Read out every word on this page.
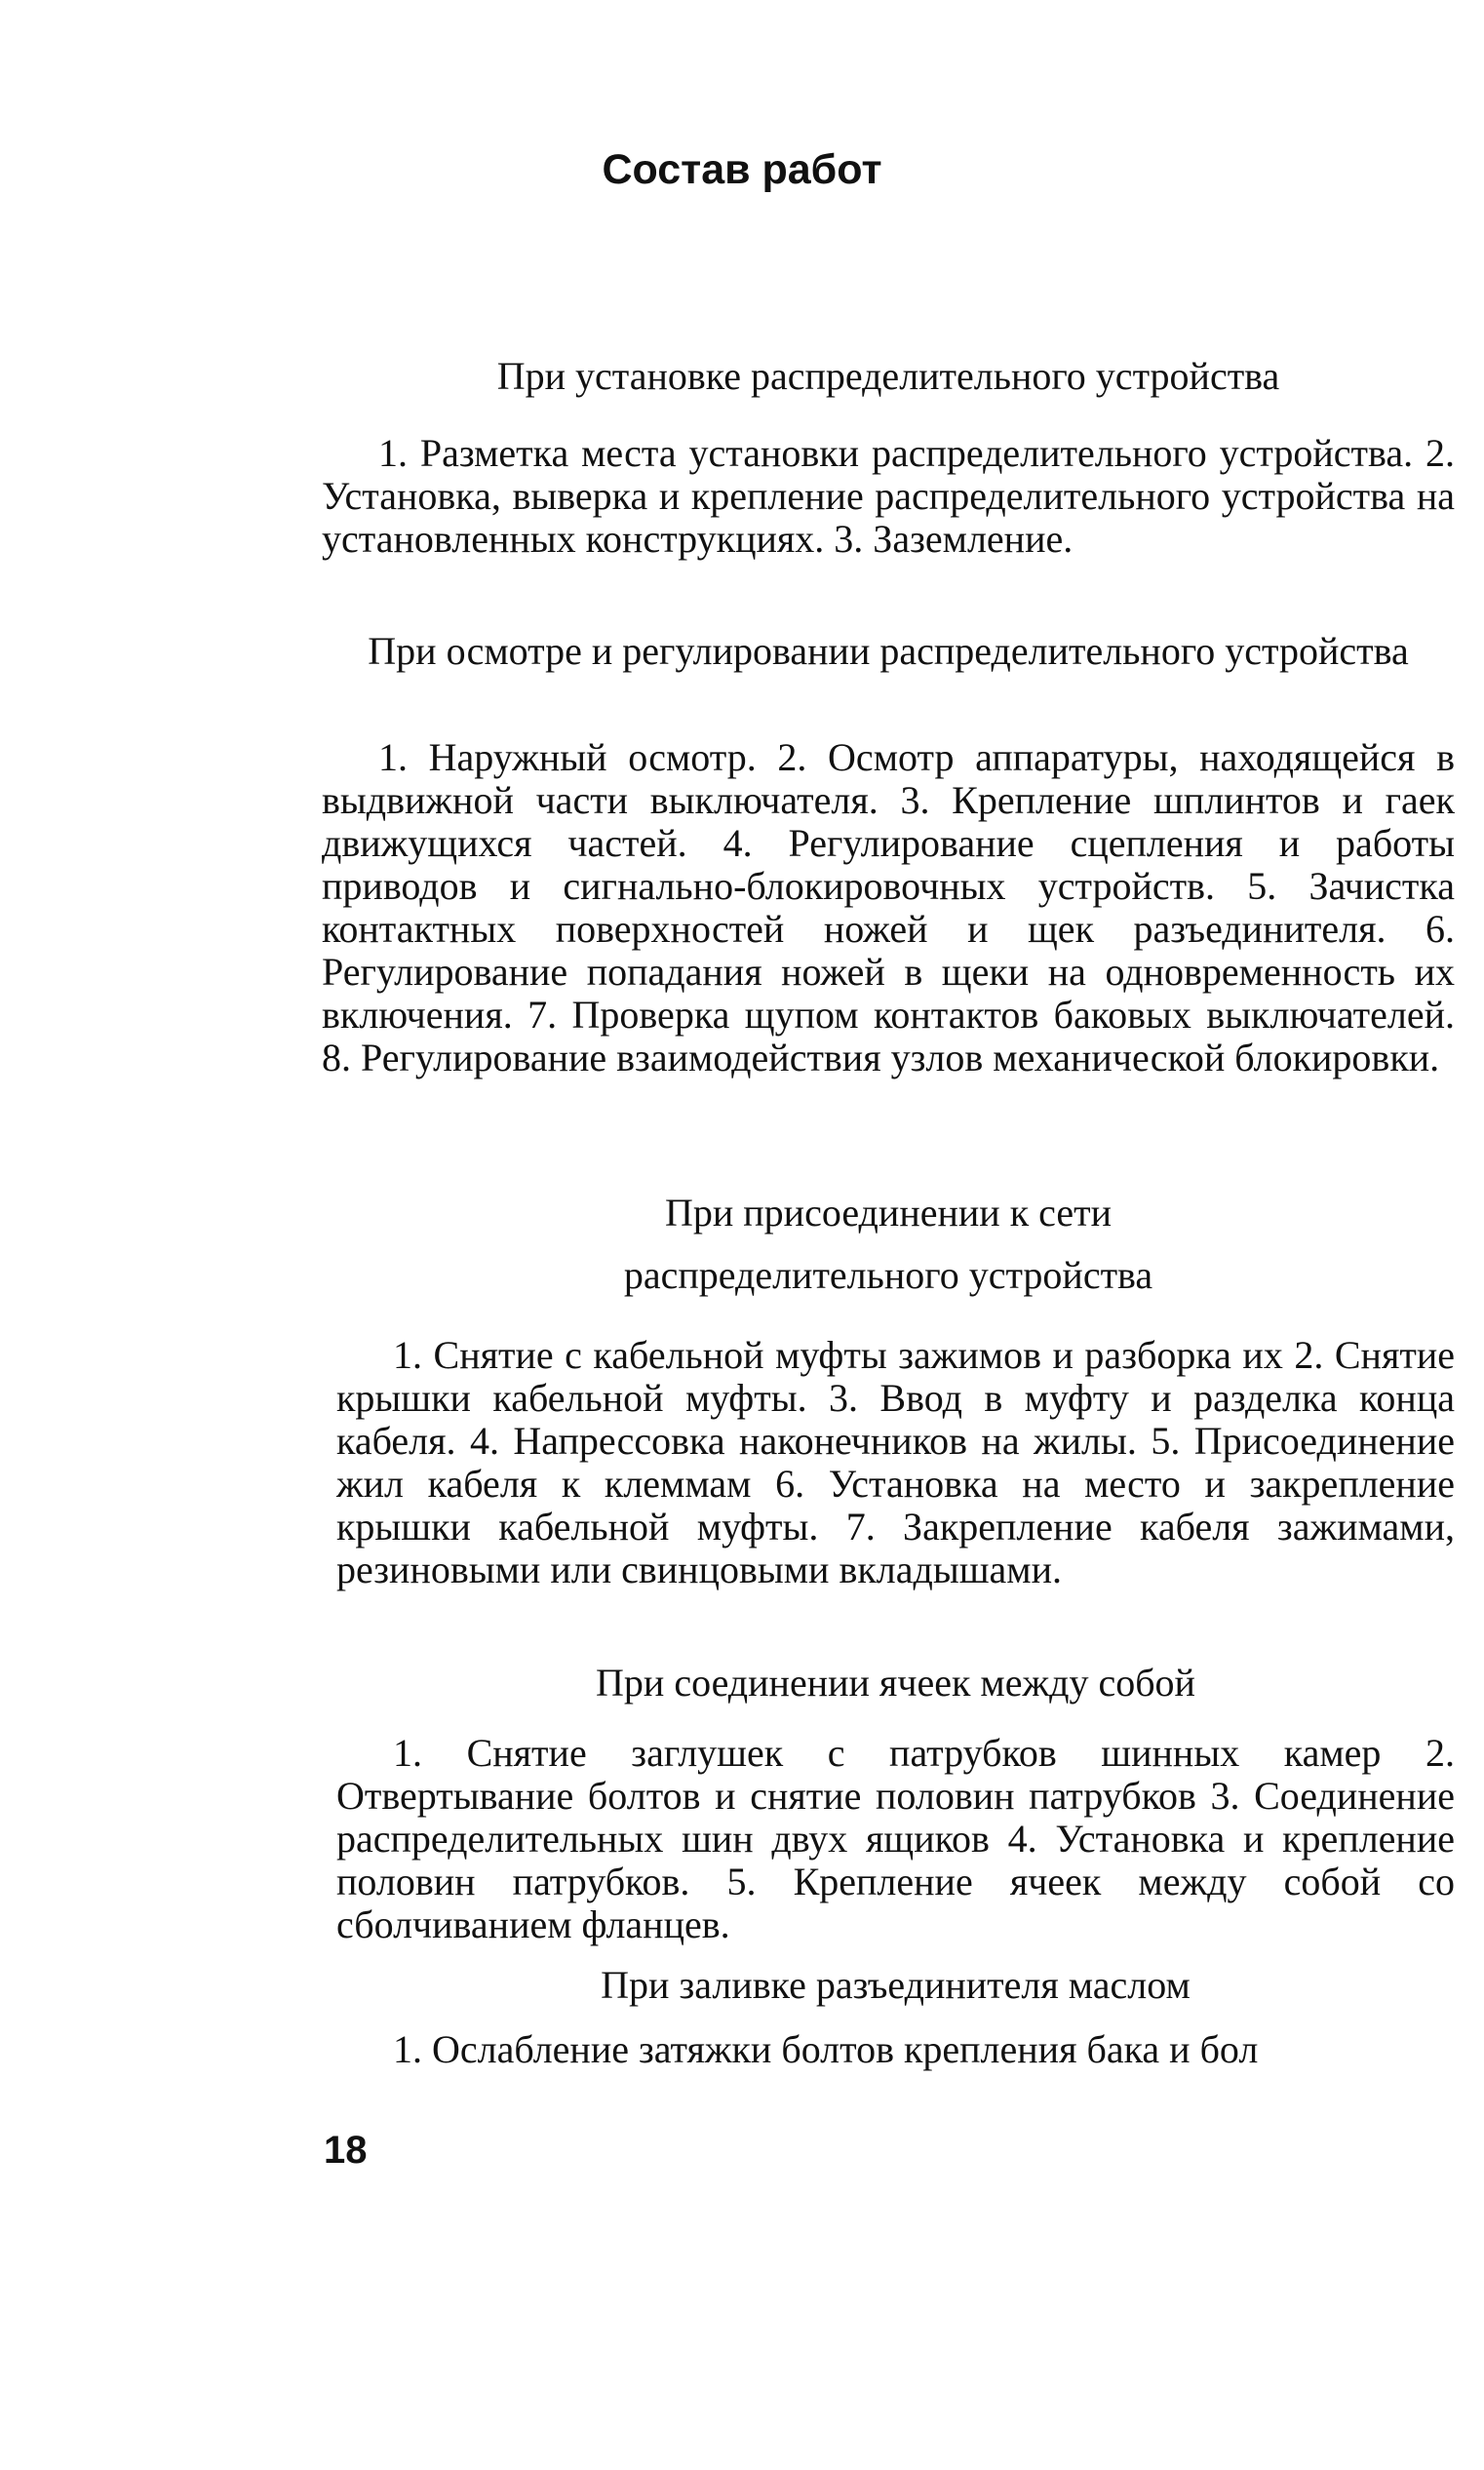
Состав работ
При установке распределительного устройства

1. Разметка места установки распределительного устройства. 2. Установка, выверка и крепление распределительного устройства на установленных конструкциях. 3. Заземление.

При осмотре и регулировании распределительного устройства

1. Наружный осмотр. 2. Осмотр аппаратуры, находящейся в выдвижной части выключателя. 3. Крепление шплинтов и гаек движущихся частей. 4. Регулирование сцепления и работы приводов и сигнально-блокировочных устройств. 5. Зачистка контактных поверхностей ножей и щек разъединителя. 6. Регулирование попадания ножей в щеки на одновременность их включения. 7. Проверка щупом контактов баковых выключателей. 8. Регулирование взаимодействия узлов механической блокировки.

При присоединении к сети
распределительного устройства

1. Снятие с кабельной муфты зажимов и разборка их 2. Снятие крышки кабельной муфты. 3. Ввод в муфту и разделка конца кабеля. 4. Напрессовка наконечников на жилы. 5. Присоединение жил кабеля к клеммам 6. Установка на место и закрепление крышки кабельной муфты. 7. Закрепление кабеля зажимами, резиновыми или свинцовыми вкладышами.

При соединении ячеек между собой

1. Снятие заглушек с патрубков шинных камер 2. Отвертывание болтов и снятие половин патрубков 3. Соединение распределительных шин двух ящиков 4. Установка и крепление половин патрубков. 5. Крепление ячеек между собой со сболчиванием фланцев.

При заливке разъединителя маслом

1. Ослабление затяжки болтов крепления бака и бол

18
